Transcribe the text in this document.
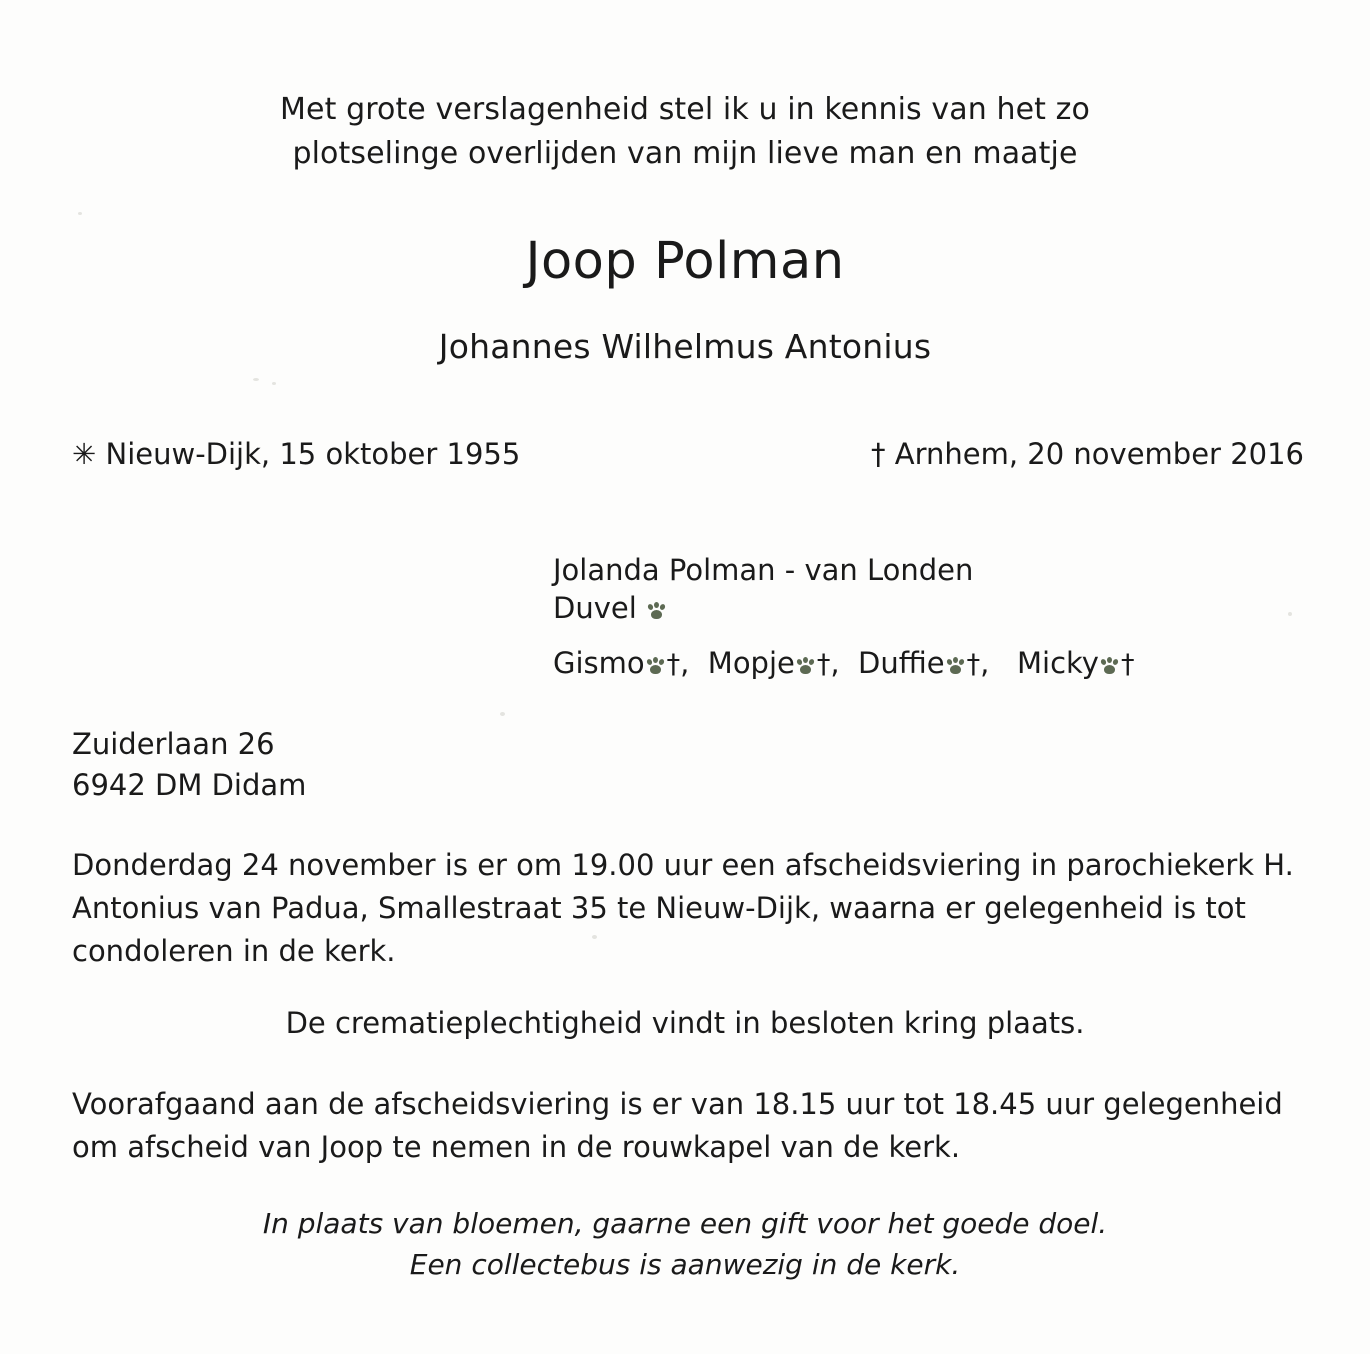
Met grote verslagenheid stel ik u in kennis van het zo
plotselinge overlijden van mijn lieve man en maatje
Joop Polman
Johannes Wilhelmus Antonius
✳ Nieuw-Dijk, 15 oktober 1955	† Arnhem, 20 november 2016
Jolanda Polman - van Londen
Duvel
Gismo †, Mopje †, Duffie †, Micky †
Zuiderlaan 26
6942 DM Didam
Donderdag 24 november is er om 19.00 uur een afscheidsviering in parochiekerk H. Antonius van Padua, Smallestraat 35 te Nieuw-Dijk, waarna er gelegenheid is tot condoleren in de kerk.
De crematieplechtigheid vindt in besloten kring plaats.
Voorafgaand aan de afscheidsviering is er van 18.15 uur tot 18.45 uur gelegenheid om afscheid van Joop te nemen in de rouwkapel van de kerk.
In plaats van bloemen, gaarne een gift voor het goede doel.
Een collectebus is aanwezig in de kerk.
